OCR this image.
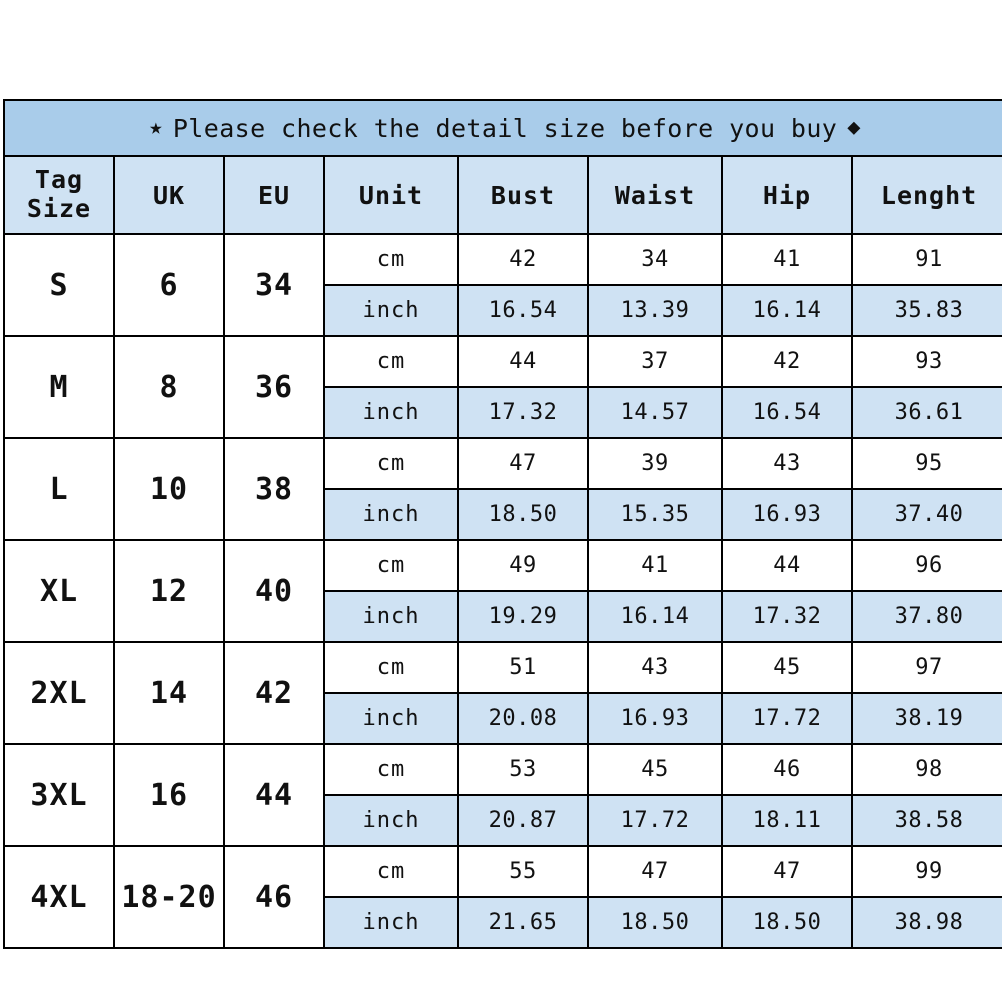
★ Please check the detail size before you buy ◆							

Tag
Size	UK	EU	Unit	Bust	Waist	Hip	Lenght
S	6	34	cm	42	34	41	91
			inch	16.54	13.39	16.14	35.83
M	8	36	cm	44	37	42	93
			inch	17.32	14.57	16.54	36.61
L	10	38	cm	47	39	43	95
			inch	18.50	15.35	16.93	37.40
XL	12	40	cm	49	41	44	96
			inch	19.29	16.14	17.32	37.80
2XL	14	42	cm	51	43	45	97
			inch	20.08	16.93	17.72	38.19
3XL	16	44	cm	53	45	46	98
			inch	20.87	17.72	18.11	38.58
4XL	18-20	46	cm	55	47	47	99
			inch	21.65	18.50	18.50	38.98
